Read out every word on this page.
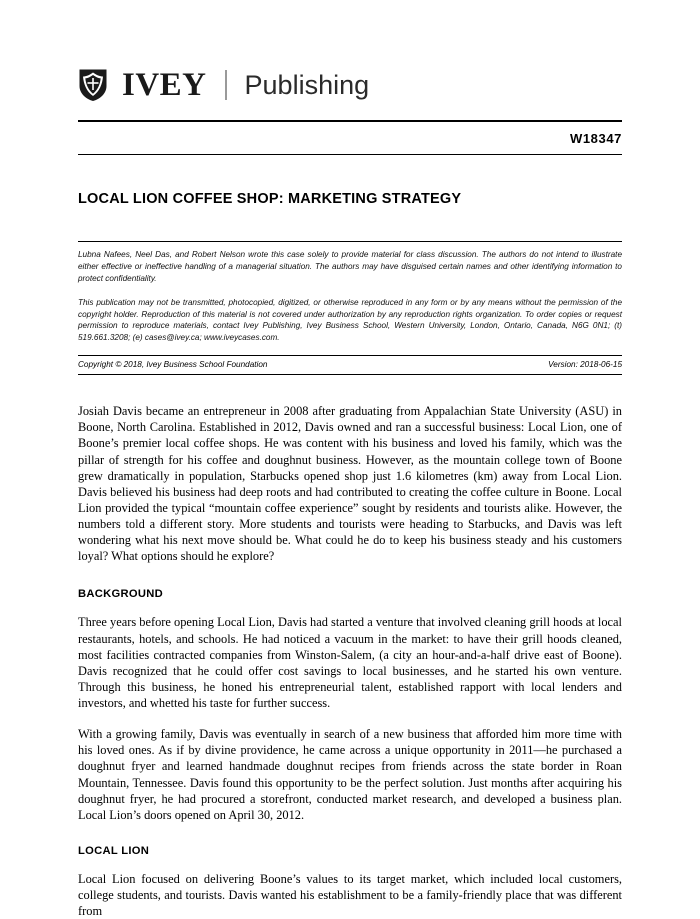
IVEY Publishing
W18347
LOCAL LION COFFEE SHOP: MARKETING STRATEGY

Lubna Nafees, Neel Das, and Robert Nelson wrote this case solely to provide material for class discussion. The authors do not intend to illustrate either effective or ineffective handling of a managerial situation. The authors may have disguised certain names and other identifying information to protect confidentiality.

This publication may not be transmitted, photocopied, digitized, or otherwise reproduced in any form or by any means without the permission of the copyright holder. Reproduction of this material is not covered under authorization by any reproduction rights organization. To order copies or request permission to reproduce materials, contact Ivey Publishing, Ivey Business School, Western University, London, Ontario, Canada, N6G 0N1; (t) 519.661.3208; (e) cases@ivey.ca; www.iveycases.com.

Copyright © 2018, Ivey Business School Foundation	Version: 2018-06-15

Josiah Davis became an entrepreneur in 2008 after graduating from Appalachian State University (ASU) in Boone, North Carolina. Established in 2012, Davis owned and ran a successful business: Local Lion, one of Boone’s premier local coffee shops. He was content with his business and loved his family, which was the pillar of strength for his coffee and doughnut business. However, as the mountain college town of Boone grew dramatically in population, Starbucks opened shop just 1.6 kilometres (km) away from Local Lion. Davis believed his business had deep roots and had contributed to creating the coffee culture in Boone. Local Lion provided the typical “mountain coffee experience” sought by residents and tourists alike. However, the numbers told a different story. More students and tourists were heading to Starbucks, and Davis was left wondering what his next move should be. What could he do to keep his business steady and his customers loyal? What options should he explore?

BACKGROUND

Three years before opening Local Lion, Davis had started a venture that involved cleaning grill hoods at local restaurants, hotels, and schools. He had noticed a vacuum in the market: to have their grill hoods cleaned, most facilities contracted companies from Winston-Salem, (a city an hour-and-a-half drive east of Boone). Davis recognized that he could offer cost savings to local businesses, and he started his own venture. Through this business, he honed his entrepreneurial talent, established rapport with local lenders and investors, and whetted his taste for further success.

With a growing family, Davis was eventually in search of a new business that afforded him more time with his loved ones. As if by divine providence, he came across a unique opportunity in 2011—he purchased a doughnut fryer and learned handmade doughnut recipes from friends across the state border in Roan Mountain, Tennessee. Davis found this opportunity to be the perfect solution. Just months after acquiring his doughnut fryer, he had procured a storefront, conducted market research, and developed a business plan. Local Lion’s doors opened on April 30, 2012.

LOCAL LION

Local Lion focused on delivering Boone’s values to its target market, which included local customers, college students, and tourists. Davis wanted his establishment to be a family-friendly place that was different from
